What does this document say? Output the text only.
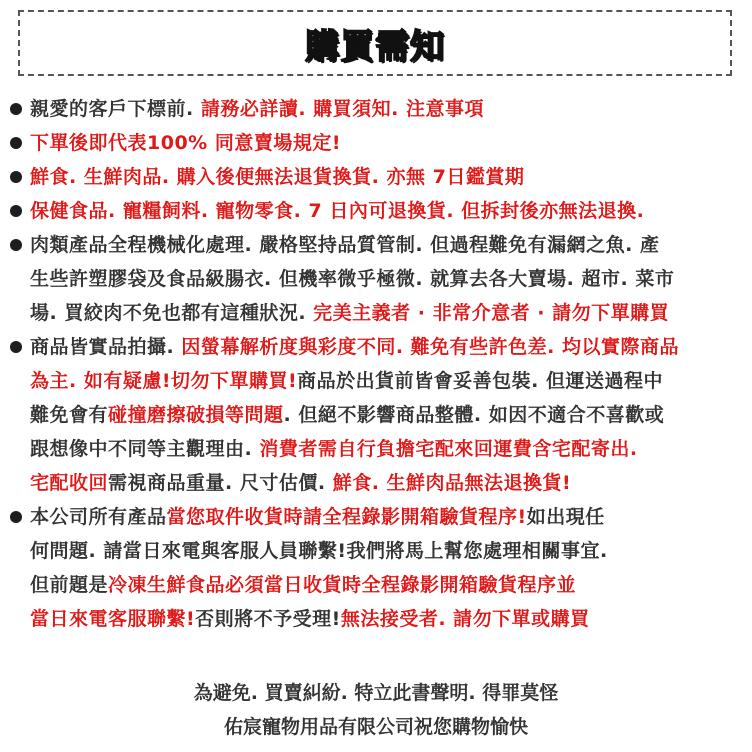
購買需知
親愛的客戶下標前. 請務必詳讀. 購買須知. 注意事項
下單後即代表100% 同意賣場規定!
鮮食. 生鮮肉品. 購入後便無法退貨換貨. 亦無 7日鑑賞期
保健食品. 寵糧飼料. 寵物零食. 7 日內可退換貨. 但拆封後亦無法退換.
肉類產品全程機械化處理. 嚴格堅持品質管制. 但過程難免有漏網之魚. 產
生些許塑膠袋及食品級腸衣. 但機率微乎極微. 就算去各大賣場. 超市. 菜市
場. 買絞肉不免也都有這種狀況. 完美主義者 · 非常介意者 · 請勿下單購買
商品皆實品拍攝. 因螢幕解析度與彩度不同. 難免有些許色差. 均以實際商品
為主. 如有疑慮!切勿下單購買!商品於出貨前皆會妥善包裝. 但運送過程中
難免會有碰撞磨擦破損等問題. 但絕不影響商品整體. 如因不適合不喜歡或
跟想像中不同等主觀理由. 消費者需自行負擔宅配來回運費含宅配寄出.
宅配收回需視商品重量. 尺寸估價. 鮮食. 生鮮肉品無法退換貨!
本公司所有產品當您取件收貨時請全程錄影開箱驗貨程序!如出現任
何問題. 請當日來電與客服人員聯繫!我們將馬上幫您處理相關事宜.
但前題是冷凍生鮮食品必須當日收貨時全程錄影開箱驗貨程序並
當日來電客服聯繫!否則將不予受理!無法接受者. 請勿下單或購買
為避免. 買賣糾紛. 特立此書聲明. 得罪莫怪
佑宸寵物用品有限公司祝您購物愉快
